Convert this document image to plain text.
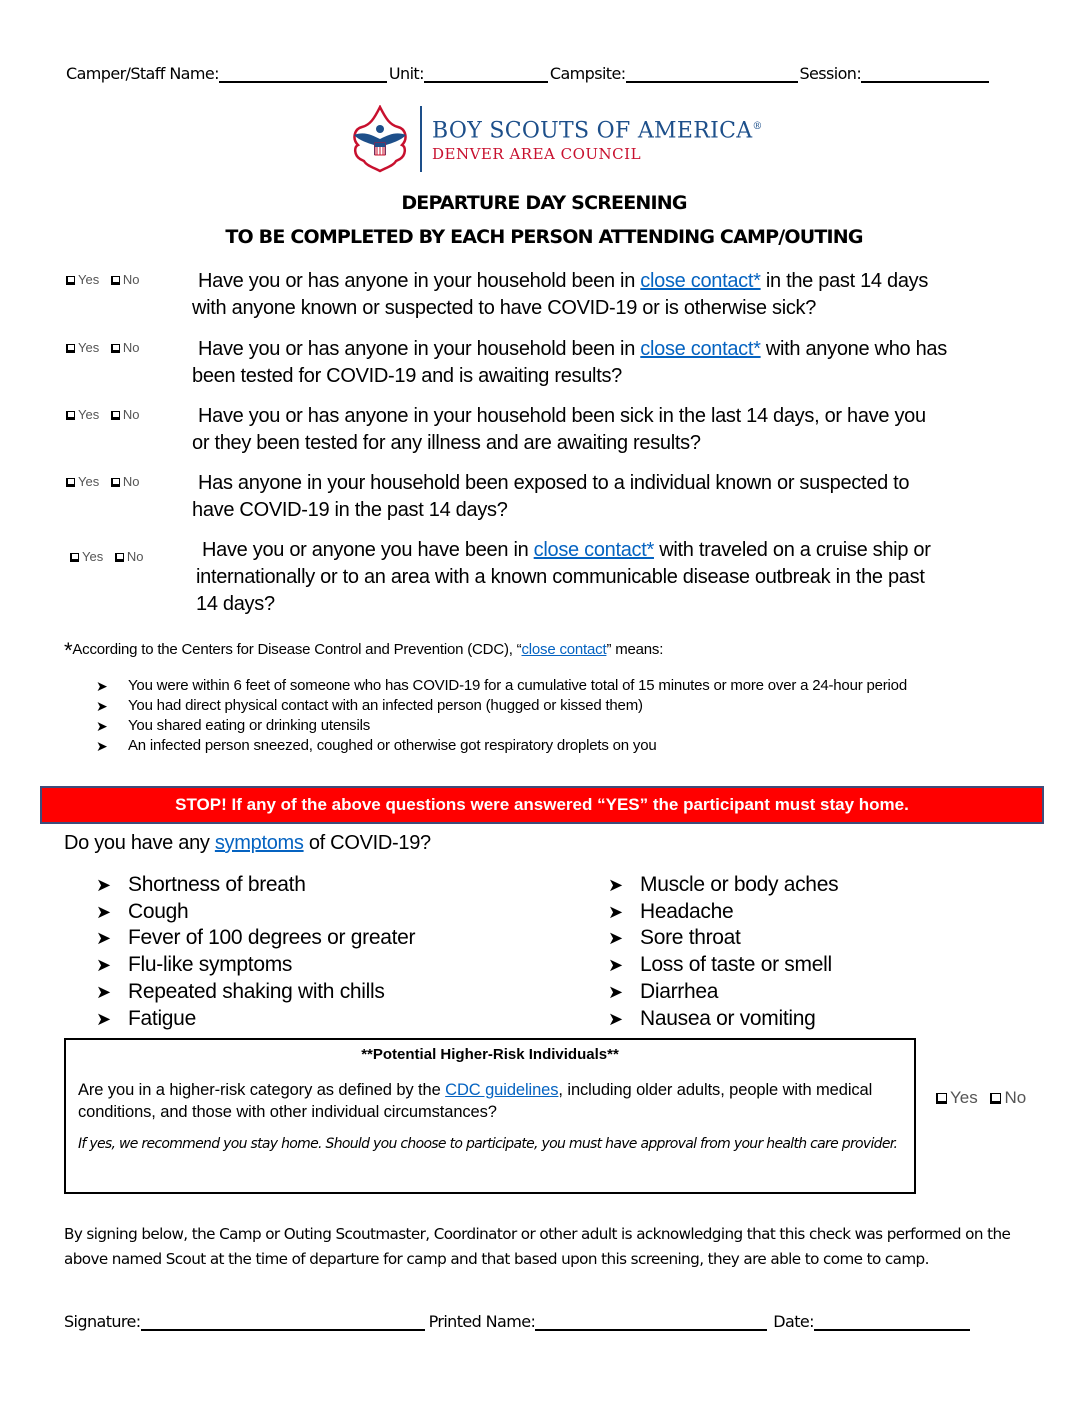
Camper/Staff Name:	Unit:	Campsite:	Session:
BOY SCOUTS OF AMERICA®
DENVER AREA COUNCIL
DEPARTURE DAY SCREENING
TO BE COMPLETED BY EACH PERSON ATTENDING CAMP/OUTING
Yes No	Have you or has anyone in your household been in close contact* in the past 14 days
with anyone known or suspected to have COVID-19 or is otherwise sick?
Yes No	Have you or has anyone in your household been in close contact* with anyone who has
been tested for COVID-19 and is awaiting results?
Yes No	Have you or has anyone in your household been sick in the last 14 days, or have you
or they been tested for any illness and are awaiting results?
Yes No	Has anyone in your household been exposed to a individual known or suspected to
have COVID-19 in the past 14 days?
Yes No	Have you or anyone you have been in close contact* with traveled on a cruise ship or
internationally or to an area with a known communicable disease outbreak in the past
14 days?
*According to the Centers for Disease Control and Prevention (CDC), “close contact” means:
➤	You were within 6 feet of someone who has COVID-19 for a cumulative total of 15 minutes or more over a 24-hour period
➤	You had direct physical contact with an infected person (hugged or kissed them)
➤	You shared eating or drinking utensils
➤	An infected person sneezed, coughed or otherwise got respiratory droplets on you
STOP! If any of the above questions were answered “YES” the participant must stay home.
Do you have any symptoms of COVID-19?
➤ Shortness of breath
➤ Cough
➤ Fever of 100 degrees or greater
➤ Flu-like symptoms
➤ Repeated shaking with chills
➤ Fatigue
➤ Muscle or body aches
➤ Headache
➤ Sore throat
➤ Loss of taste or smell
➤ Diarrhea
➤ Nausea or vomiting
**Potential Higher-Risk Individuals**
Are you in a higher-risk category as defined by the CDC guidelines, including older adults, people with medical conditions, and those with other individual circumstances?
If yes, we recommend you stay home. Should you choose to participate, you must have approval from your health care provider.
Yes No
By signing below, the Camp or Outing Scoutmaster, Coordinator or other adult is acknowledging that this check was performed on the above named Scout at the time of departure for camp and that based upon this screening, they are able to come to camp.
Signature:	Printed Name:	Date:
